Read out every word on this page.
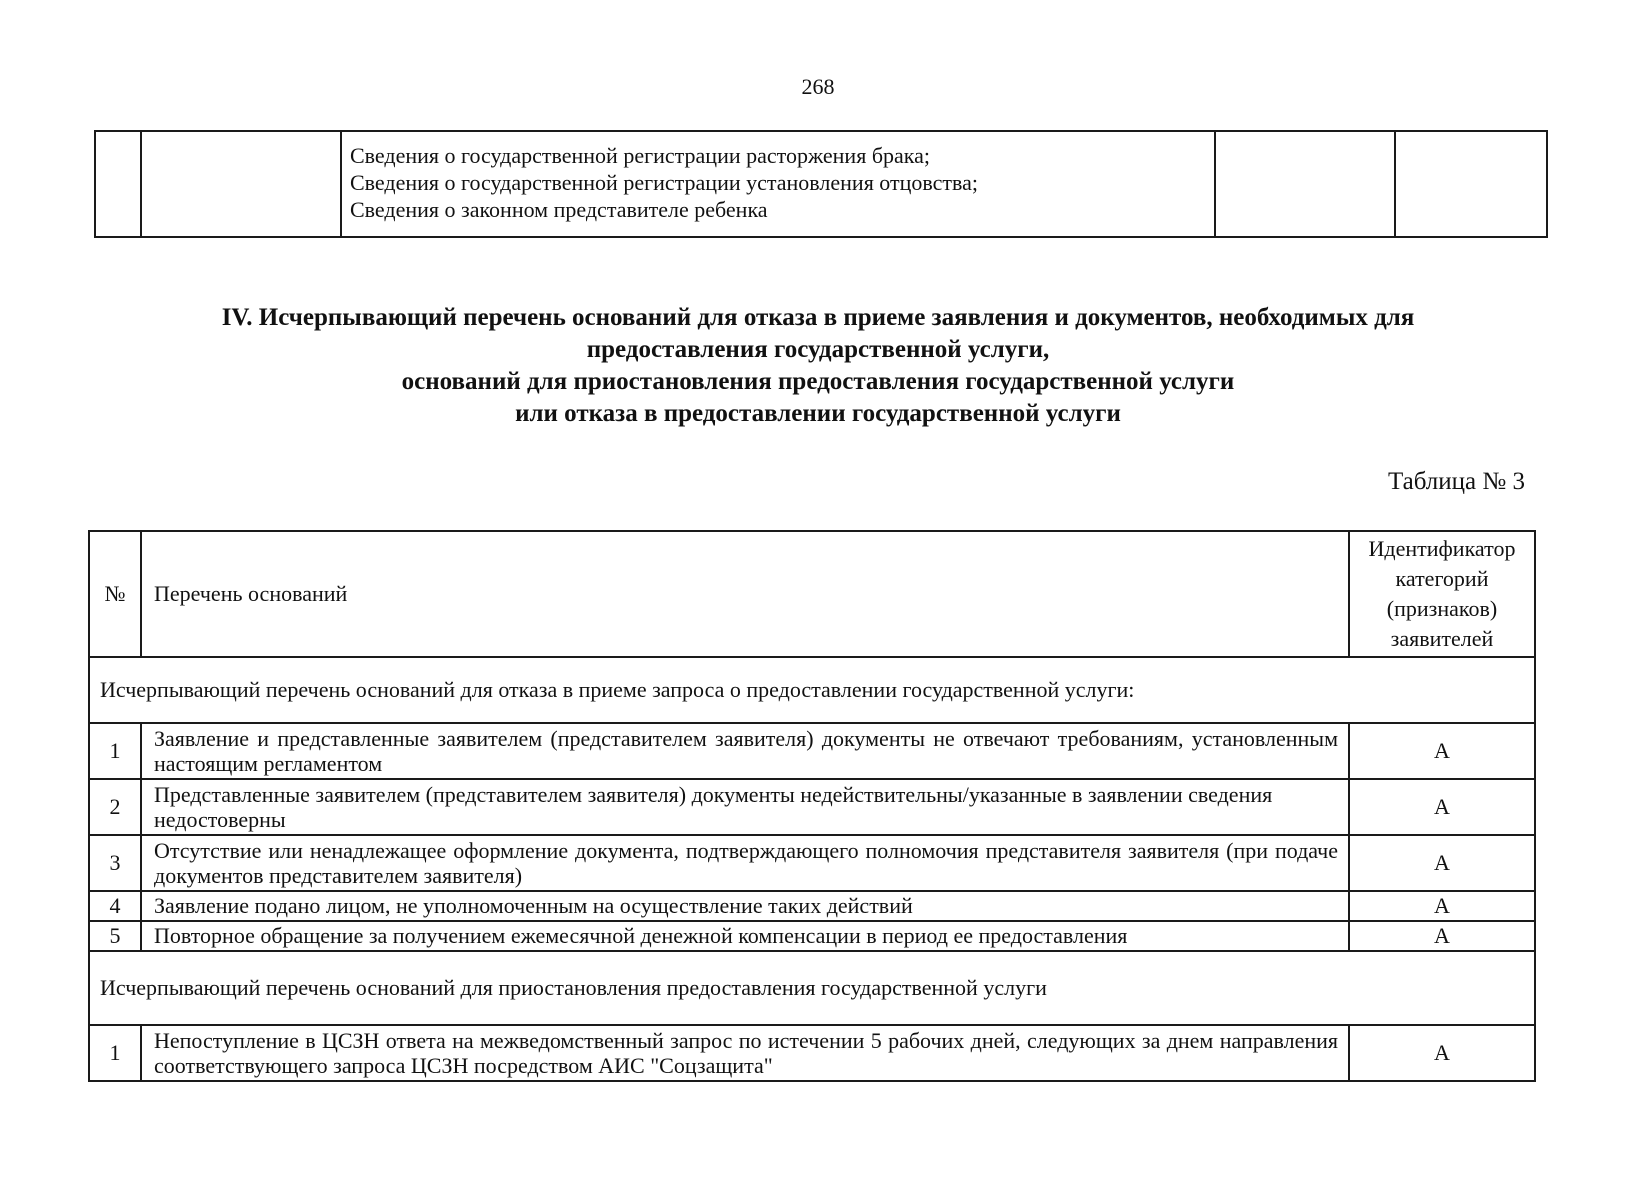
268

Сведения о государственной регистрации расторжения брака;
Сведения о государственной регистрации установления отцовства;
Сведения о законном представителе ребенка

IV. Исчерпывающий перечень оснований для отказа в приеме заявления и документов, необходимых для
предоставления государственной услуги,
оснований для приостановления предоставления государственной услуги
или отказа в предоставлении государственной услуги
Таблица № 3
№	Перечень оснований	Идентификатор
категорий
(признаков)
заявителей

Исчерпывающий перечень оснований для отказа в приеме запроса о предоставлении государственной услуги:		
1	Заявление и представленные заявителем (представителем заявителя) документы не отвечают требованиям, установленным настоящим регламентом	А
2	Представленные заявителем (представителем заявителя) документы недействительны/указанные в заявлении сведения недостоверны	А
3	Отсутствие или ненадлежащее оформление документа, подтверждающего полномочия представителя заявителя (при подаче документов представителем заявителя)	А
4	Заявление подано лицом, не уполномоченным на осуществление таких действий	А
5	Повторное обращение за получением ежемесячной денежной компенсации в период ее предоставления	А
Исчерпывающий перечень оснований для приостановления предоставления государственной услуги		
1	Непоступление в ЦСЗН ответа на межведомственный запрос по истечении 5 рабочих дней, следующих за днем направления соответствующего запроса ЦСЗН посредством АИС "Соцзащита"	А
